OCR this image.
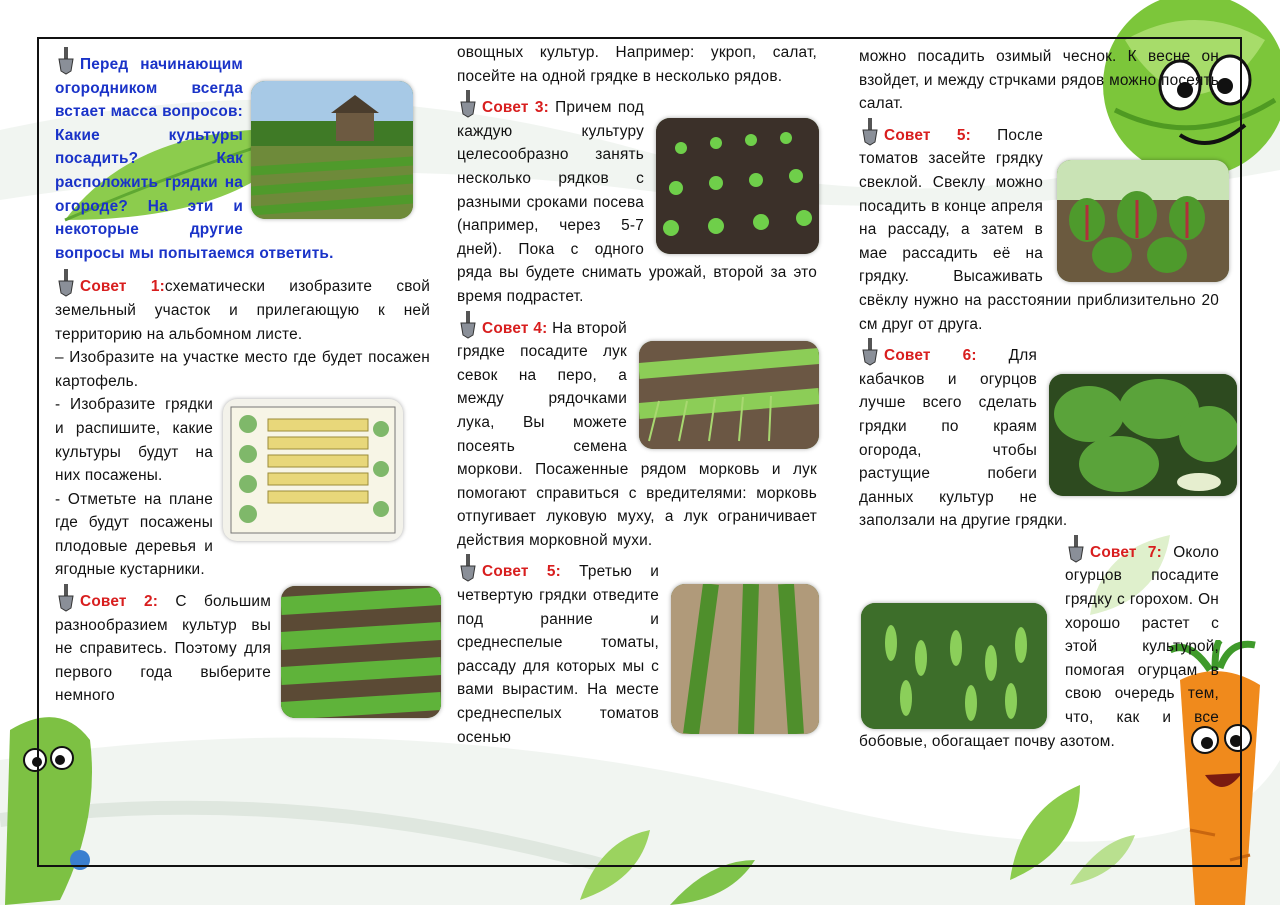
Перед начинающим огородником всегда встает масса вопросов: Какие культуры посадить? Как расположить грядки на огороде? На эти и некоторые другие вопросы мы попытаемся ответить.

Совет 1:схематически изобразите свой земельный участок и прилегающую к ней территорию на альбомном листе.

– Изобразите на участке место где будет посажен картофель.

- Изобразите грядки и распишите, какие культуры будут на них посажены.

- Отметьте на плане где будут посажены плодовые деревья и ягодные кустарники.

Совет 2: С большим разнообразием культур вы не справитесь. Поэтому для первого года выберите немного

овощных культур. Например: укроп, салат, посейте на одной грядке в несколько рядов.

Совет 3: Причем под каждую культуру целесообразно занять несколько рядков с разными сроками посева (например, через 5-7 дней). Пока с одного ряда вы будете снимать урожай, второй за это время подрастет.

Совет 4: На второй грядке посадите лук севок на перо, а между рядочками лука, Вы можете посеять семена моркови. Посаженные рядом морковь и лук помогают справиться с вредителями: морковь отпугивает луковую муху, а лук ограничивает действия морковной мухи.

Совет 5: Третью и четвертую грядки отведите под ранние и среднеспелые томаты, рассаду для которых мы с вами вырастим. На месте среднеспелых томатов осенью

можно посадить озимый чеснок. К весне он взойдет, и между стрчками рядов можно посеять салат.

Совет 5: После томатов засейте грядку свеклой. Свеклу можно посадить в конце апреля на рассаду, а затем в мае рассадить её на грядку. Высаживать свёклу нужно на расстоянии приблизительно 20 см друг от друга.

Совет 6: Для кабачков и огурцов лучше всего сделать грядки по краям огорода, чтобы растущие побеги данных культур не заползали на другие грядки.

Совет 7: Около огурцов посадите грядку с горохом. Он хорошо растет с этой культурой, помогая огурцам в свою очередь тем, что, как и все бобовые, обогащает почву азотом.
